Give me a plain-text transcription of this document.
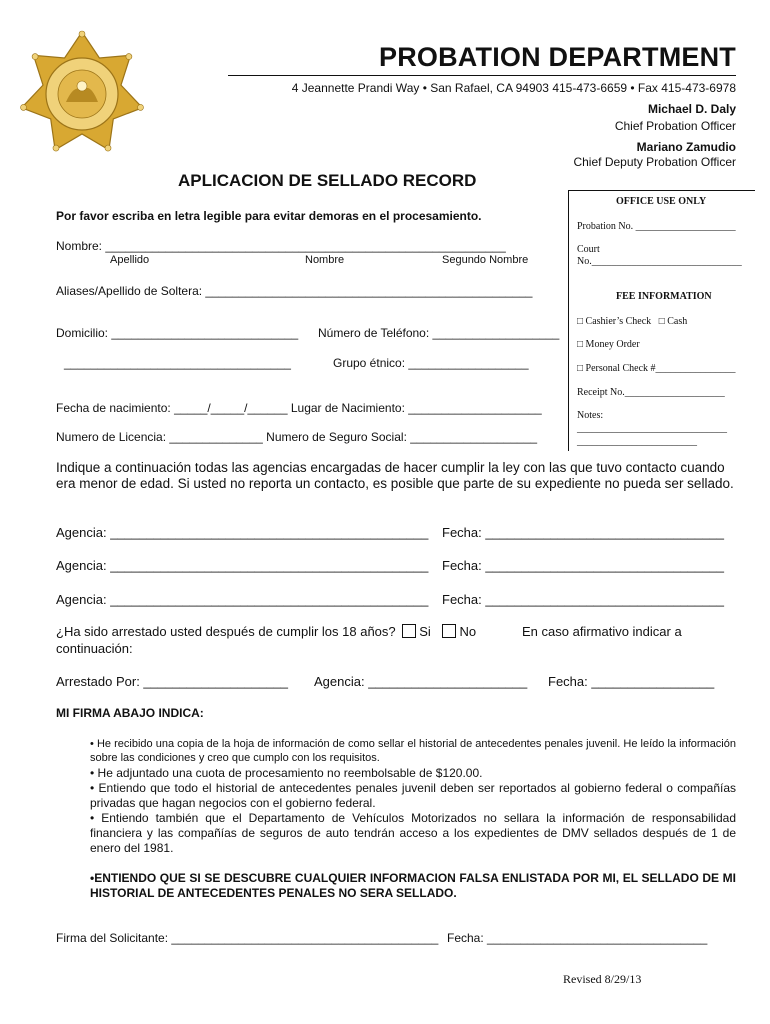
PROBATION DEPARTMENT
4 Jeannette Prandi Way • San Rafael, CA 94903 415-473-6659 • Fax 415-473-6978
Michael D. Daly
Chief Probation Officer
Mariano Zamudio
Chief Deputy Probation Officer
APLICACION DE SELLADO RECORD
OFFICE USE ONLY
Probation No. ____________________
Court
No.______________________________
FEE INFORMATION
□ Cashier’s Check □ Cash
□ Money Order
□ Personal Check #________________
Receipt No.____________________
Notes:
______________________________
________________________
Por favor escriba en letra legible para evitar demoras en el procesamiento.
Nombre: ____________________________________________________________
Apellido	Nombre	Segundo Nombre
Aliases/Apellido de Soltera: _________________________________________________
Domicilio: ____________________________ Número de Teléfono: ___________________
__________________________________	Grupo étnico: __________________
Fecha de nacimiento: _____/_____/______ Lugar de Nacimiento: ____________________
Numero de Licencia: ______________ Numero de Seguro Social: ___________________
Indique a continuación todas las agencias encargadas de hacer cumplir la ley con las que tuvo contacto cuando era menor de edad. Si usted no reporta un contacto, es posible que parte de su expediente no pueda ser sellado.
Agencia: ____________________________________________ Fecha: _________________________________
Agencia: ____________________________________________ Fecha: _________________________________
Agencia: ____________________________________________ Fecha: _________________________________
¿Ha sido arrestado usted después de cumplir los 18 años? Si No	En caso afirmativo indicar a
continuación:
Arrestado Por: ____________________ Agencia: ______________________ Fecha: _________________
MI FIRMA ABAJO INDICA:
• He recibido una copia de la hoja de información de como sellar el historial de antecedentes penales juvenil. He leído la información sobre las condiciones y creo que cumplo con los requisitos.
• He adjuntado una cuota de procesamiento no reembolsable de $120.00.
• Entiendo que todo el historial de antecedentes penales juvenil deben ser reportados al gobierno federal o compañías privadas que hagan negocios con el gobierno federal.
• Entiendo también que el Departamento de Vehículos Motorizados no sellara la información de responsabilidad financiera y las compañías de seguros de auto tendrán acceso a los expedientes de DMV sellados después de 1 de enero del 1981.
•ENTIENDO QUE SI SE DESCUBRE CUALQUIER INFORMACION FALSA ENLISTADA POR MI, EL SELLADO DE MI HISTORIAL DE ANTECEDENTES PENALES NO SERA SELLADO.
Firma del Solicitante: ________________________________________ Fecha: _________________________________
Revised 8/29/13
